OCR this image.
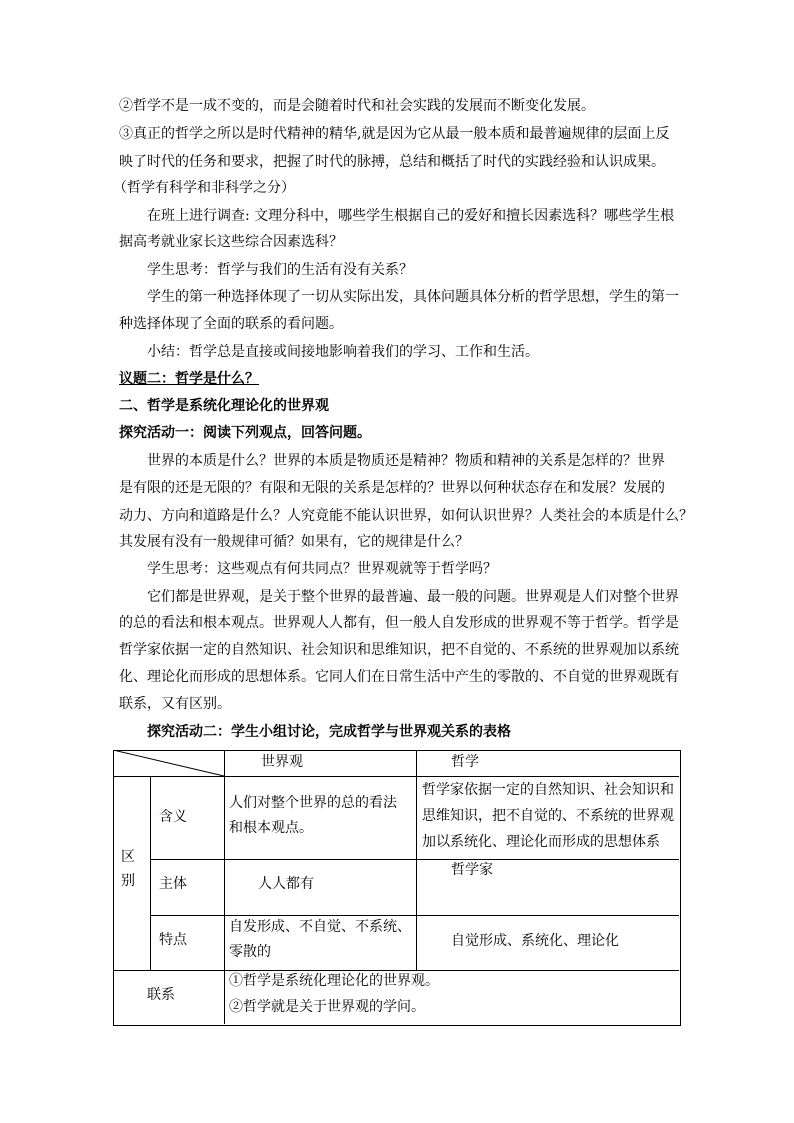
②哲学不是一成不变的，而是会随着时代和社会实践的发展而不断变化发展。
③真正的哲学之所以是时代精神的精华,就是因为它从最一般本质和最普遍规律的层面上反
映了时代的任务和要求，把握了时代的脉搏，总结和概括了时代的实践经验和认识成果。
（哲学有科学和非科学之分）
在班上进行调查: 文理分科中，哪些学生根据自己的爱好和擅长因素选科？哪些学生根
据高考就业家长这些综合因素选科？
学生思考：哲学与我们的生活有没有关系？
学生的第一种选择体现了一切从实际出发，具体问题具体分析的哲学思想，学生的第一
种选择体现了全面的联系的看问题。
小结：哲学总是直接或间接地影响着我们的学习、工作和生活。
议题二：哲学是什么？
二、哲学是系统化理论化的世界观
探究活动一：阅读下列观点，回答问题。
世界的本质是什么？世界的本质是物质还是精神？物质和精神的关系是怎样的？世界
是有限的还是无限的？有限和无限的关系是怎样的？世界以何种状态存在和发展？发展的
动力、方向和道路是什么？人究竟能不能认识世界，如何认识世界？人类社会的本质是什么？
其发展有没有一般规律可循？如果有，它的规律是什么？
学生思考：这些观点有何共同点？世界观就等于哲学吗？
它们都是世界观，是关于整个世界的最普遍、最一般的问题。世界观是人们对整个世界
的总的看法和根本观点。世界观人人都有，但一般人自发形成的世界观不等于哲学。哲学是
哲学家依据一定的自然知识、社会知识和思维知识，把不自觉的、不系统的世界观加以系统
化、理论化而形成的思想体系。它同人们在日常生活中产生的零散的、不自觉的世界观既有
联系，又有区别。
探究活动二：学生小组讨论，完成哲学与世界观关系的表格
世界观	哲学
区
别
含义
人们对整个世界的总的看法
和根本观点。
哲学家依据一定的自然知识、社会知识和
思维知识，把不自觉的、不系统的世界观
加以系统化、理论化而形成的思想体系
主体	人人都有
哲学家
特点
自发形成、不自觉、不系统、
零散的
自觉形成、系统化、理论化
联系
①哲学是系统化理论化的世界观。
②哲学就是关于世界观的学问。
